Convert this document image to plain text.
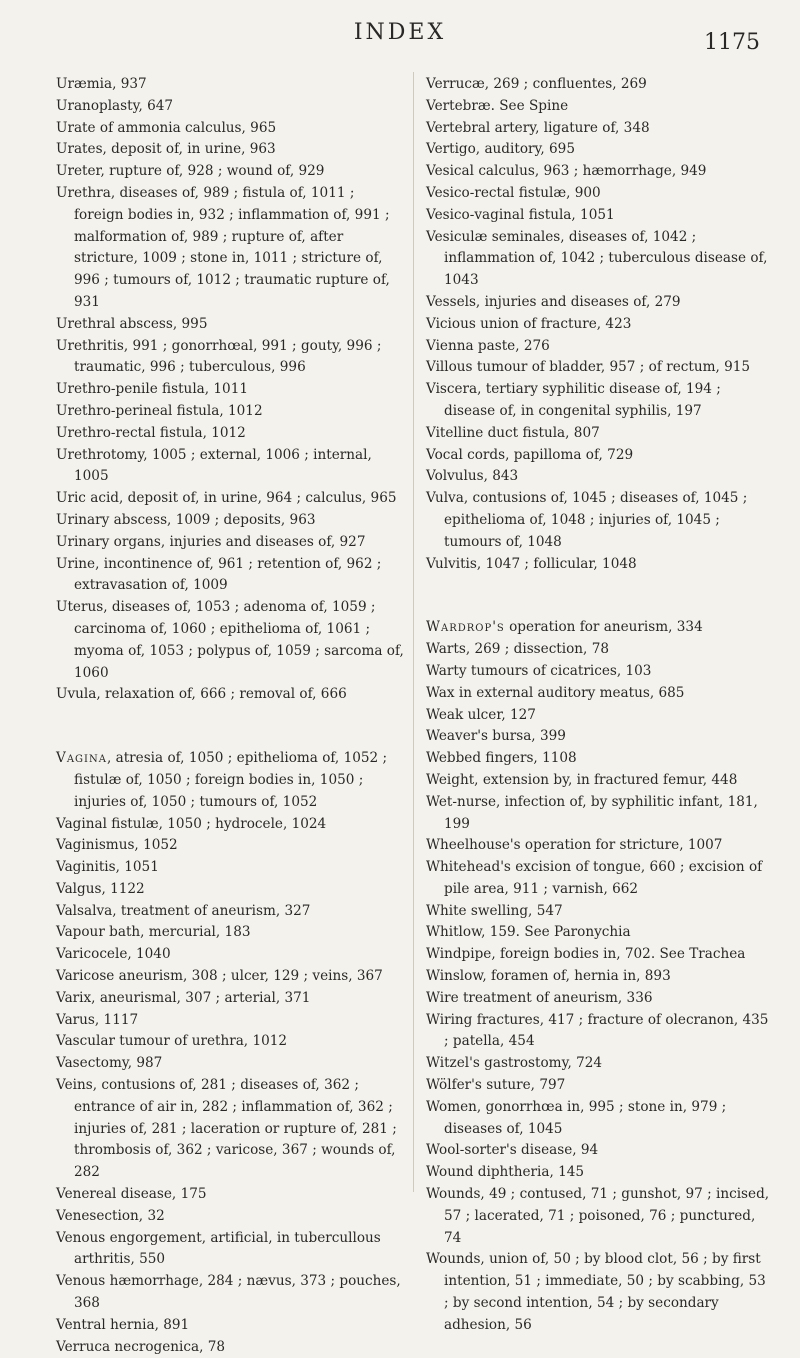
INDEX	1175
Uræmia, 937
Uranoplasty, 647
Urate of ammonia calculus, 965
Urates, deposit of, in urine, 963
Ureter, rupture of, 928 ; wound of, 929
Urethra, diseases of, 989 ; fistula of, 1011 ; foreign bodies in, 932 ; inflammation of, 991 ; malformation of, 989 ; rupture of, after stricture, 1009 ; stone in, 1011 ; stricture of, 996 ; tumours of, 1012 ; traumatic rupture of, 931
Urethral abscess, 995
Urethritis, 991 ; gonorrhœal, 991 ; gouty, 996 ; traumatic, 996 ; tuberculous, 996
Urethro-penile fistula, 1011
Urethro-perineal fistula, 1012
Urethro-rectal fistula, 1012
Urethrotomy, 1005 ; external, 1006 ; internal, 1005
Uric acid, deposit of, in urine, 964 ; calculus, 965
Urinary abscess, 1009 ; deposits, 963
Urinary organs, injuries and diseases of, 927
Urine, incontinence of, 961 ; retention of, 962 ; extravasation of, 1009
Uterus, diseases of, 1053 ; adenoma of, 1059 ; carcinoma of, 1060 ; epithelioma of, 1061 ; myoma of, 1053 ; polypus of, 1059 ; sarcoma of, 1060
Uvula, relaxation of, 666 ; removal of, 666
Vagina, atresia of, 1050 ; epithelioma of, 1052 ; fistulæ of, 1050 ; foreign bodies in, 1050 ; injuries of, 1050 ; tumours of, 1052
Vaginal fistulæ, 1050 ; hydrocele, 1024
Vaginismus, 1052
Vaginitis, 1051
Valgus, 1122
Valsalva, treatment of aneurism, 327
Vapour bath, mercurial, 183
Varicocele, 1040
Varicose aneurism, 308 ; ulcer, 129 ; veins, 367
Varix, aneurismal, 307 ; arterial, 371
Varus, 1117
Vascular tumour of urethra, 1012
Vasectomy, 987
Veins, contusions of, 281 ; diseases of, 362 ; entrance of air in, 282 ; inflammation of, 362 ; injuries of, 281 ; laceration or rupture of, 281 ; thrombosis of, 362 ; varicose, 367 ; wounds of, 282
Venereal disease, 175
Venesection, 32
Venous engorgement, artificial, in tubercullous arthritis, 550
Venous hæmorrhage, 284 ; nævus, 373 ; pouches, 368
Ventral hernia, 891
Verruca necrogenica, 78
Verrucæ, 269 ; confluentes, 269
Vertebræ. See Spine
Vertebral artery, ligature of, 348
Vertigo, auditory, 695
Vesical calculus, 963 ; hæmorrhage, 949
Vesico-rectal fistulæ, 900
Vesico-vaginal fistula, 1051
Vesiculæ seminales, diseases of, 1042 ; inflammation of, 1042 ; tuberculous disease of, 1043
Vessels, injuries and diseases of, 279
Vicious union of fracture, 423
Vienna paste, 276
Villous tumour of bladder, 957 ; of rectum, 915
Viscera, tertiary syphilitic disease of, 194 ; disease of, in congenital syphilis, 197
Vitelline duct fistula, 807
Vocal cords, papilloma of, 729
Volvulus, 843
Vulva, contusions of, 1045 ; diseases of, 1045 ; epithelioma of, 1048 ; injuries of, 1045 ; tumours of, 1048
Vulvitis, 1047 ; follicular, 1048
Wardrop's operation for aneurism, 334
Warts, 269 ; dissection, 78
Warty tumours of cicatrices, 103
Wax in external auditory meatus, 685
Weak ulcer, 127
Weaver's bursa, 399
Webbed fingers, 1108
Weight, extension by, in fractured femur, 448
Wet-nurse, infection of, by syphilitic infant, 181, 199
Wheelhouse's operation for stricture, 1007
Whitehead's excision of tongue, 660 ; excision of pile area, 911 ; varnish, 662
White swelling, 547
Whitlow, 159. See Paronychia
Windpipe, foreign bodies in, 702. See Trachea
Winslow, foramen of, hernia in, 893
Wire treatment of aneurism, 336
Wiring fractures, 417 ; fracture of olecranon, 435 ; patella, 454
Witzel's gastrostomy, 724
Wölfer's suture, 797
Women, gonorrhœa in, 995 ; stone in, 979 ; diseases of, 1045
Wool-sorter's disease, 94
Wound diphtheria, 145
Wounds, 49 ; contused, 71 ; gunshot, 97 ; incised, 57 ; lacerated, 71 ; poisoned, 76 ; punctured, 74
Wounds, union of, 50 ; by blood clot, 56 ; by first intention, 51 ; immediate, 50 ; by scabbing, 53 ; by second intention, 54 ; by secondary adhesion, 56
